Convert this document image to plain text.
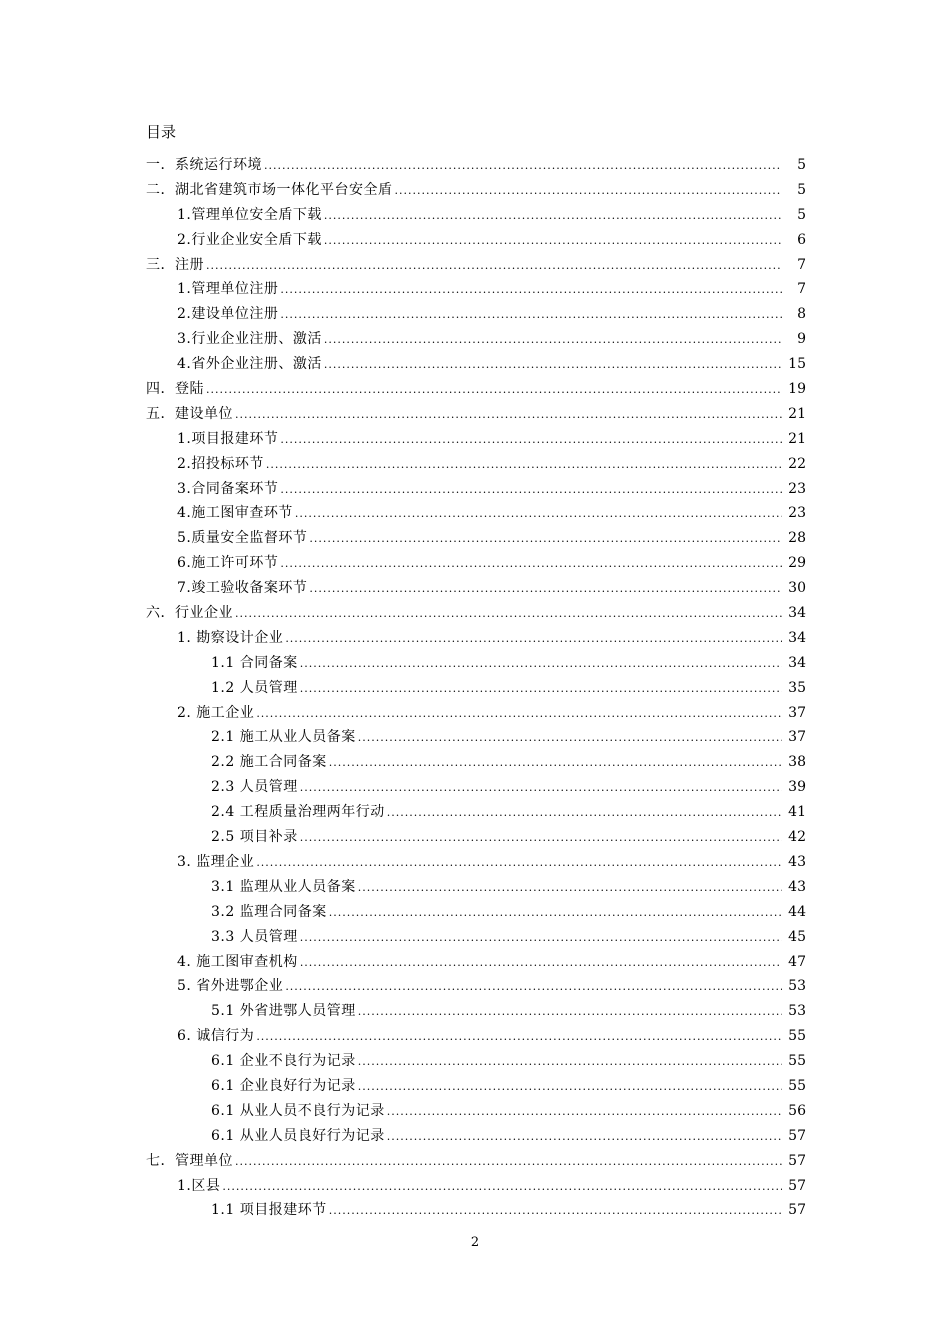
目录
一．系统运行环境 .....	5
二．湖北省建筑市场一体化平台安全盾 .....	5
1.管理单位安全盾下载 .....	5
2.行业企业安全盾下载 .....	6
三．注册 .....	7
1.管理单位注册 .....	7
2.建设单位注册 .....	8
3.行业企业注册、激活 .....	9
4.省外企业注册、激活 .....	15
四．登陆 .....	19
五．建设单位 .....	21
1.项目报建环节 .....	21
2.招投标环节 .....	22
3.合同备案环节 .....	23
4.施工图审查环节 .....	23
5.质量安全监督环节 .....	28
6.施工许可环节 .....	29
7.竣工验收备案环节 .....	30
六．行业企业 .....	34
1. 勘察设计企业 .....	34
1.1 合同备案 .....	34
1.2 人员管理 .....	35
2. 施工企业 .....	37
2.1 施工从业人员备案 .....	37
2.2 施工合同备案 .....	38
2.3 人员管理 .....	39
2.4 工程质量治理两年行动 .....	41
2.5 项目补录 .....	42
3. 监理企业 .....	43
3.1 监理从业人员备案 .....	43
3.2 监理合同备案 .....	44
3.3 人员管理 .....	45
4. 施工图审查机构 .....	47
5. 省外进鄂企业 .....	53
5.1 外省进鄂人员管理 .....	53
6. 诚信行为 .....	55
6.1 企业不良行为记录 .....	55
6.1 企业良好行为记录 .....	55
6.1 从业人员不良行为记录 .....	56
6.1 从业人员良好行为记录 .....	57
七．管理单位 .....	57
1.区县 .....	57
1.1 项目报建环节 .....	57
2
